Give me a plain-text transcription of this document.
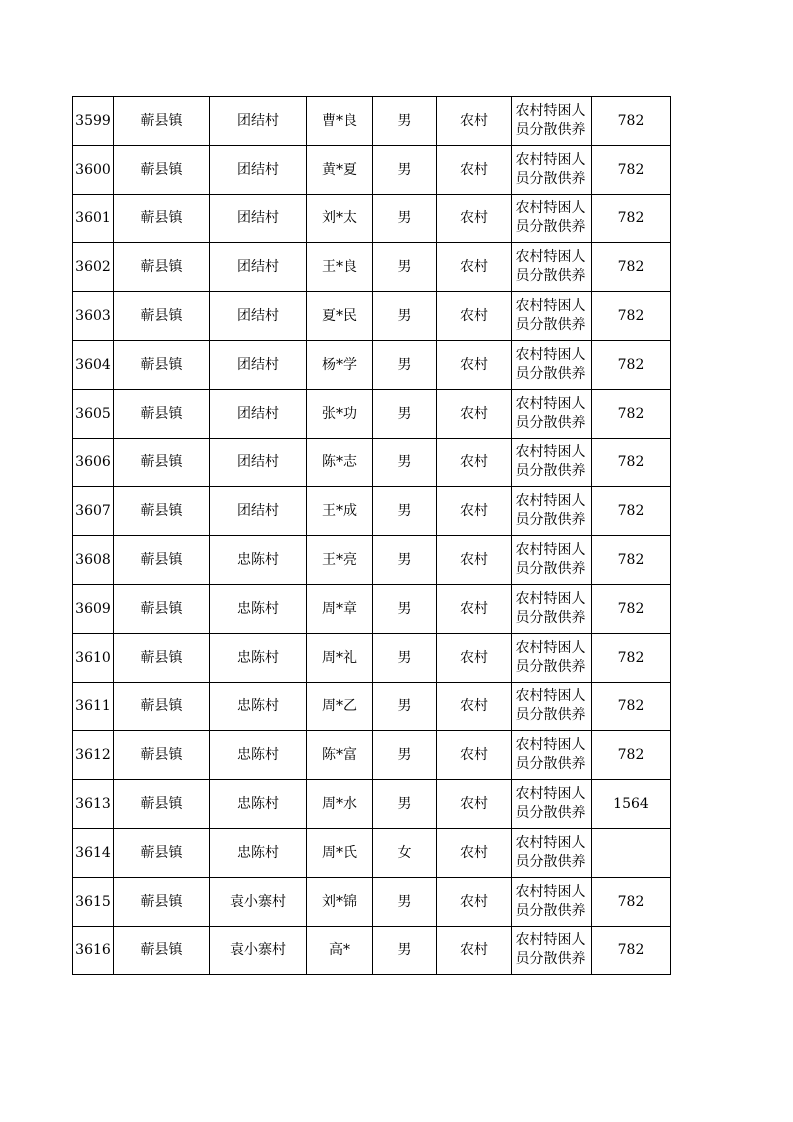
3599	蕲县镇	团结村	曹*良	男	农村	农村特困人员分散供养	782
3600	蕲县镇	团结村	黄*夏	男	农村	农村特困人员分散供养	782
3601	蕲县镇	团结村	刘*太	男	农村	农村特困人员分散供养	782
3602	蕲县镇	团结村	王*良	男	农村	农村特困人员分散供养	782
3603	蕲县镇	团结村	夏*民	男	农村	农村特困人员分散供养	782
3604	蕲县镇	团结村	杨*学	男	农村	农村特困人员分散供养	782
3605	蕲县镇	团结村	张*功	男	农村	农村特困人员分散供养	782
3606	蕲县镇	团结村	陈*志	男	农村	农村特困人员分散供养	782
3607	蕲县镇	团结村	王*成	男	农村	农村特困人员分散供养	782
3608	蕲县镇	忠陈村	王*亮	男	农村	农村特困人员分散供养	782
3609	蕲县镇	忠陈村	周*章	男	农村	农村特困人员分散供养	782
3610	蕲县镇	忠陈村	周*礼	男	农村	农村特困人员分散供养	782
3611	蕲县镇	忠陈村	周*乙	男	农村	农村特困人员分散供养	782
3612	蕲县镇	忠陈村	陈*富	男	农村	农村特困人员分散供养	782
3613	蕲县镇	忠陈村	周*水	男	农村	农村特困人员分散供养	1564
3614	蕲县镇	忠陈村	周*氏	女	农村	农村特困人员分散供养	
3615	蕲县镇	袁小寨村	刘*锦	男	农村	农村特困人员分散供养	782
3616	蕲县镇	袁小寨村	高*	男	农村	农村特困人员分散供养	782
